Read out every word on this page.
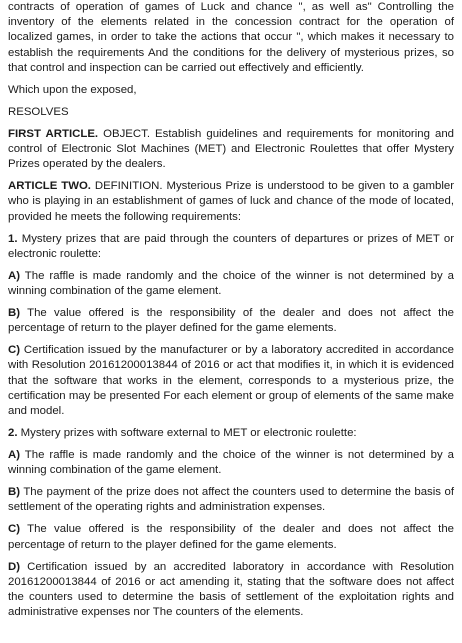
contracts of operation of games of Luck and chance ", as well as" Controlling the inventory of the elements related in the concession contract for the operation of localized games, in order to take the actions that occur ", which makes it necessary to establish the requirements And the conditions for the delivery of mysterious prizes, so that control and inspection can be carried out effectively and efficiently.

Which upon the exposed,

RESOLVES

FIRST ARTICLE. OBJECT. Establish guidelines and requirements for monitoring and control of Electronic Slot Machines (MET) and Electronic Roulettes that offer Mystery Prizes operated by the dealers.

ARTICLE TWO. DEFINITION. Mysterious Prize is understood to be given to a gambler who is playing in an establishment of games of luck and chance of the mode of located, provided he meets the following requirements:

1. Mystery prizes that are paid through the counters of departures or prizes of MET or electronic roulette:

A) The raffle is made randomly and the choice of the winner is not determined by a winning combination of the game element.

B) The value offered is the responsibility of the dealer and does not affect the percentage of return to the player defined for the game elements.

C) Certification issued by the manufacturer or by a laboratory accredited in accordance with Resolution 20161200013844 of 2016 or act that modifies it, in which it is evidenced that the software that works in the element, corresponds to a mysterious prize, the certification may be presented For each element or group of elements of the same make and model.

2. Mystery prizes with software external to MET or electronic roulette:

A) The raffle is made randomly and the choice of the winner is not determined by a winning combination of the game element.

B) The payment of the prize does not affect the counters used to determine the basis of settlement of the operating rights and administration expenses.

C) The value offered is the responsibility of the dealer and does not affect the percentage of return to the player defined for the game elements.

D) Certification issued by an accredited laboratory in accordance with Resolution 20161200013844 of 2016 or act amending it, stating that the software does not affect the counters used to determine the basis of settlement of the exploitation rights and administrative expenses nor The counters of the elements.
